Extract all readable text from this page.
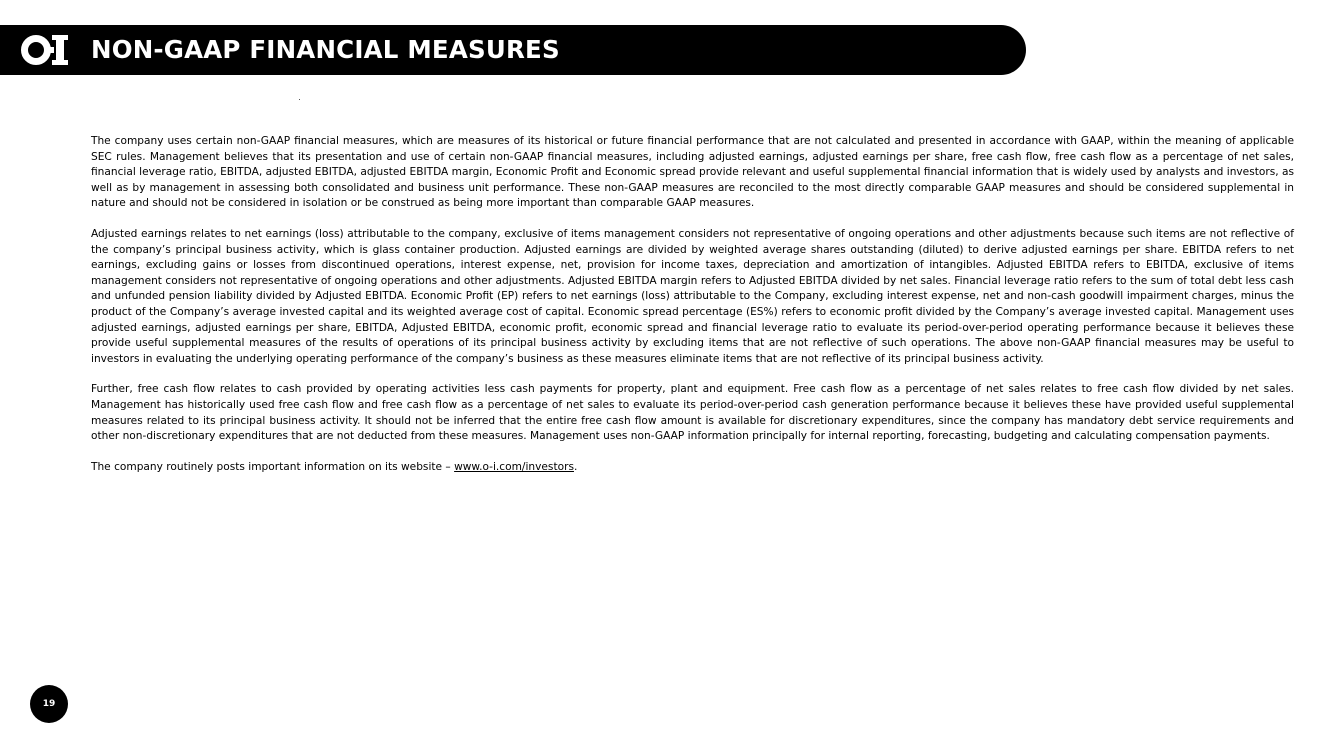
NON-GAAP FINANCIAL MEASURES

The company uses certain non-GAAP financial measures, which are measures of its historical or future financial performance that are not calculated and presented in accordance with GAAP, within the meaning of applicable SEC rules. Management believes that its presentation and use of certain non-GAAP financial measures, including adjusted earnings, adjusted earnings per share, free cash flow, free cash flow as a percentage of net sales, financial leverage ratio, EBITDA, adjusted EBITDA, adjusted EBITDA margin, Economic Profit and Economic spread provide relevant and useful supplemental financial information that is widely used by analysts and investors, as well as by management in assessing both consolidated and business unit performance. These non-GAAP measures are reconciled to the most directly comparable GAAP measures and should be considered supplemental in nature and should not be considered in isolation or be construed as being more important than comparable GAAP measures.

Adjusted earnings relates to net earnings (loss) attributable to the company, exclusive of items management considers not representative of ongoing operations and other adjustments because such items are not reflective of the company’s principal business activity, which is glass container production. Adjusted earnings are divided by weighted average shares outstanding (diluted) to derive adjusted earnings per share. EBITDA refers to net earnings, excluding gains or losses from discontinued operations, interest expense, net, provision for income taxes, depreciation and amortization of intangibles. Adjusted EBITDA refers to EBITDA, exclusive of items management considers not representative of ongoing operations and other adjustments. Adjusted EBITDA margin refers to Adjusted EBITDA divided by net sales. Financial leverage ratio refers to the sum of total debt less cash and unfunded pension liability divided by Adjusted EBITDA. Economic Profit (EP) refers to net earnings (loss) attributable to the Company, excluding interest expense, net and non-cash goodwill impairment charges, minus the product of the Company’s average invested capital and its weighted average cost of capital. Economic spread percentage (ES%) refers to economic profit divided by the Company’s average invested capital. Management uses adjusted earnings, adjusted earnings per share, EBITDA, Adjusted EBITDA, economic profit, economic spread and financial leverage ratio to evaluate its period-over-period operating performance because it believes these provide useful supplemental measures of the results of operations of its principal business activity by excluding items that are not reflective of such operations. The above non-GAAP financial measures may be useful to investors in evaluating the underlying operating performance of the company’s business as these measures eliminate items that are not reflective of its principal business activity.

Further, free cash flow relates to cash provided by operating activities less cash payments for property, plant and equipment. Free cash flow as a percentage of net sales relates to free cash flow divided by net sales. Management has historically used free cash flow and free cash flow as a percentage of net sales to evaluate its period-over-period cash generation performance because it believes these have provided useful supplemental measures related to its principal business activity. It should not be inferred that the entire free cash flow amount is available for discretionary expenditures, since the company has mandatory debt service requirements and other non-discretionary expenditures that are not deducted from these measures. Management uses non-GAAP information principally for internal reporting, forecasting, budgeting and calculating compensation payments.

The company routinely posts important information on its website – www.o-i.com/investors.

19
